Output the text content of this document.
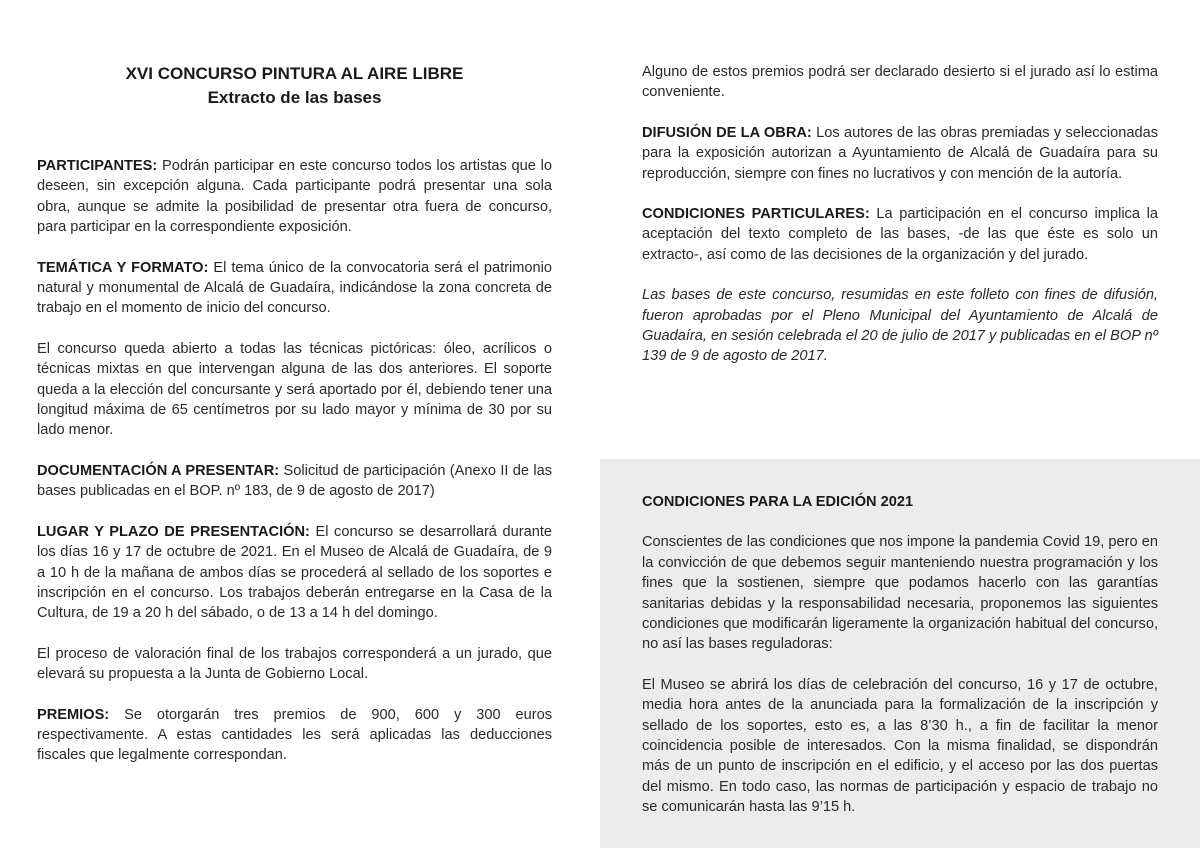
XVI CONCURSO PINTURA AL AIRE LIBRE
Extracto de las bases

PARTICIPANTES: Podrán participar en este concurso todos los artistas que lo deseen, sin excepción alguna. Cada participante podrá presentar una sola obra, aunque se admite la posibilidad de presentar otra fuera de concurso, para participar en la correspondiente exposición.

TEMÁTICA Y FORMATO: El tema único de la convocatoria será el patrimonio natural y monumental de Alcalá de Guadaíra, indicándose la zona concreta de trabajo en el momento de inicio del concurso.

El concurso queda abierto a todas las técnicas pictóricas: óleo, acrílicos o técnicas mixtas en que intervengan alguna de las dos anteriores. El soporte queda a la elección del concursante y será aportado por él, debiendo tener una longitud máxima de 65 centímetros por su lado mayor y mínima de 30 por su lado menor.

DOCUMENTACIÓN A PRESENTAR: Solicitud de participación (Anexo II de las bases publicadas en el BOP. nº 183, de 9 de agosto de 2017)

LUGAR Y PLAZO DE PRESENTACIÓN: El concurso se desarrollará durante los días 16 y 17 de octubre de 2021. En el Museo de Alcalá de Guadaíra, de 9 a 10 h de la mañana de ambos días se procederá al sellado de los soportes e inscripción en el concurso. Los trabajos deberán entregarse en la Casa de la Cultura, de 19 a 20 h del sábado, o de 13 a 14 h del domingo.

El proceso de valoración final de los trabajos corresponderá a un jurado, que elevará su propuesta a la Junta de Gobierno Local.

PREMIOS: Se otorgarán tres premios de 900, 600 y 300 euros respectivamente. A estas cantidades les será aplicadas las deducciones fiscales que legalmente correspondan.

Alguno de estos premios podrá ser declarado desierto si el jurado así lo estima conveniente.

DIFUSIÓN DE LA OBRA: Los autores de las obras premiadas y seleccionadas para la exposición autorizan a Ayuntamiento de Alcalá de Guadaíra para su reproducción, siempre con fines no lucrativos y con mención de la autoría.

CONDICIONES PARTICULARES: La participación en el concurso implica la aceptación del texto completo de las bases, -de las que éste es solo un extracto-, así como de las decisiones de la organización y del jurado.

Las bases de este concurso, resumidas en este folleto con fines de difusión, fueron aprobadas por el Pleno Municipal del Ayuntamiento de Alcalá de Guadaíra, en sesión celebrada el 20 de julio de 2017 y publicadas en el BOP nº 139 de 9 de agosto de 2017.

CONDICIONES PARA LA EDICIÓN 2021

Conscientes de las condiciones que nos impone la pandemia Covid 19, pero en la convicción de que debemos seguir manteniendo nuestra programación y los fines que la sostienen, siempre que podamos hacerlo con las garantías sanitarias debidas y la responsabilidad necesaria, proponemos las siguientes condiciones que modificarán ligeramente la organización habitual del concurso, no así las bases reguladoras:

El Museo se abrirá los días de celebración del concurso, 16 y 17 de octubre, media hora antes de la anunciada para la formalización de la inscripción y sellado de los soportes, esto es, a las 8’30 h., a fin de facilitar la menor coincidencia posible de interesados. Con la misma finalidad, se dispondrán más de un punto de inscripción en el edificio, y el acceso por las dos puertas del mismo. En todo caso, las normas de participación y espacio de trabajo no se comunicarán hasta las 9’15 h.
